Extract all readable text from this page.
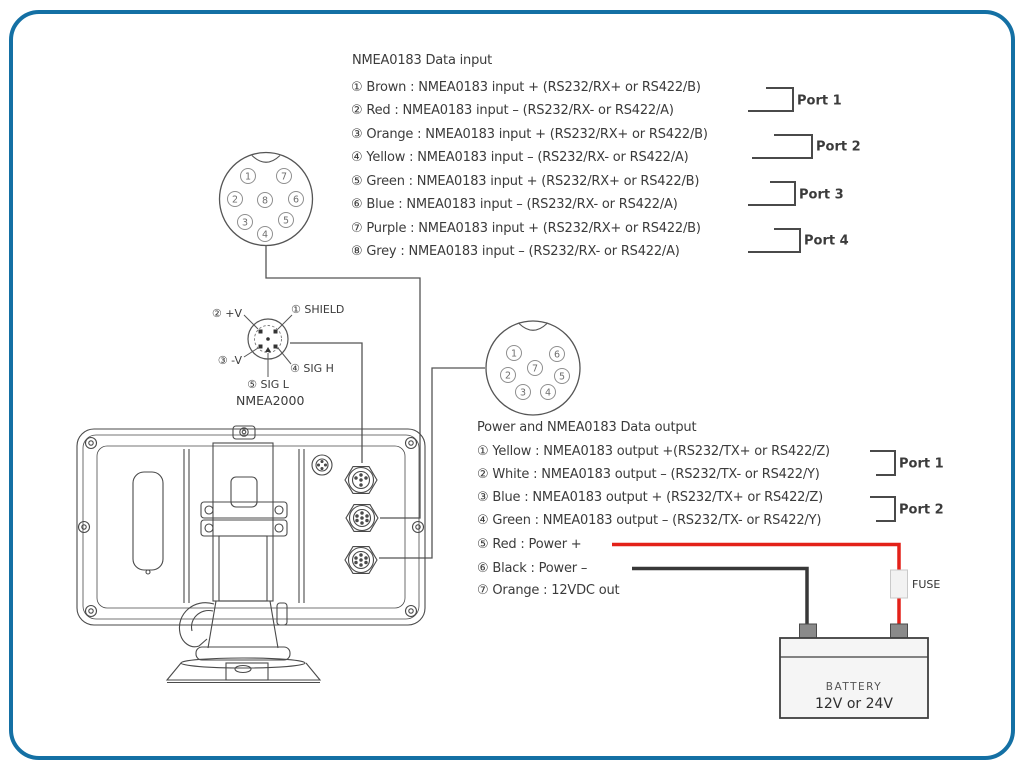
1	7
2	8	6
3	5
4
1	6
2
7
5
3 4
② +V	① SHIELD
③ -V
④ SIG H
⑤ SIG L
NMEA2000
Port 1
Port 2
Port 3
Port 4
Port 1
Port 2
FUSE
BATTERY
12V or 24V
NMEA0183 Data input
① Brown : NMEA0183 input + (RS232/RX+ or RS422/B)
② Red : NMEA0183 input – (RS232/RX- or RS422/A)
③ Orange : NMEA0183 input + (RS232/RX+ or RS422/B)
④ Yellow : NMEA0183 input – (RS232/RX- or RS422/A)
⑤ Green : NMEA0183 input + (RS232/RX+ or RS422/B)
⑥ Blue : NMEA0183 input – (RS232/RX- or RS422/A)
⑦ Purple : NMEA0183 input + (RS232/RX+ or RS422/B)
⑧ Grey : NMEA0183 input – (RS232/RX- or RS422/A)
Power and NMEA0183 Data output
① Yellow : NMEA0183 output +(RS232/TX+ or RS422/Z)
② White : NMEA0183 output – (RS232/TX- or RS422/Y)
③ Blue : NMEA0183 output + (RS232/TX+ or RS422/Z)
④ Green : NMEA0183 output – (RS232/TX- or RS422/Y)
⑤ Red : Power +
⑥ Black : Power –
⑦ Orange : 12VDC out
